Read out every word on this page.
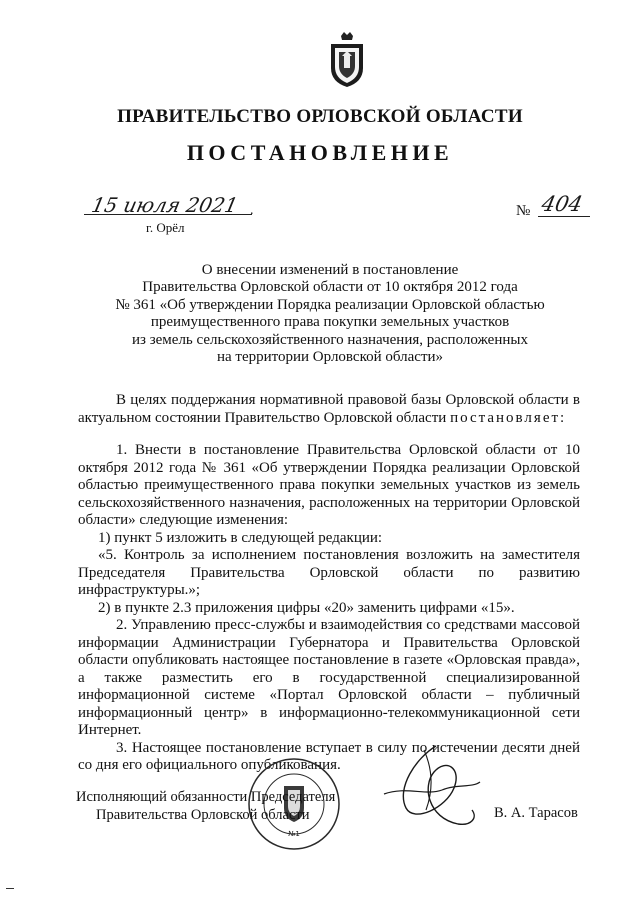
ПРАВИТЕЛЬСТВО ОРЛОВСКОЙ ОБЛАСТИ
ПОСТАНОВЛЕНИЕ
15 июля 2021 .
г. Орёл
№ 404
О внесении изменений в постановление
Правительства Орловской области от 10 октября 2012 года
№ 361 «Об утверждении Порядка реализации Орловской областью
преимущественного права покупки земельных участков
из земель сельскохозяйственного назначения, расположенных
на территории Орловской области»
В целях поддержания нормативной правовой базы Орловской области в актуальном состоянии Правительство Орловской области постановляет:
1. Внести в постановление Правительства Орловской области от 10 октября 2012 года № 361 «Об утверждении Порядка реализации Орловской областью преимущественного права покупки земельных участков из земель сельскохозяйственного назначения, расположенных на территории Орловской области» следующие изменения:
1) пункт 5 изложить в следующей редакции:
«5. Контроль за исполнением постановления возложить на заместителя Председателя Правительства Орловской области по развитию инфраструктуры.»;
2) в пункте 2.3 приложения цифры «20» заменить цифрами «15».
2. Управлению пресс-службы и взаимодействия со средствами массовой информации Администрации Губернатора и Правительства Орловской области опубликовать настоящее постановление в газете «Орловская правда», а также разместить его в государственной специализированной информационной системе «Портал Орловской области – публичный информационный центр» в информационно-телекоммуникационной сети Интернет.
3. Настоящее постановление вступает в силу по истечении десяти дней со дня его официального опубликования.
№1
Исполняющий обязанности Председателя
Правительства Орловской области	В. А. Тарасов
